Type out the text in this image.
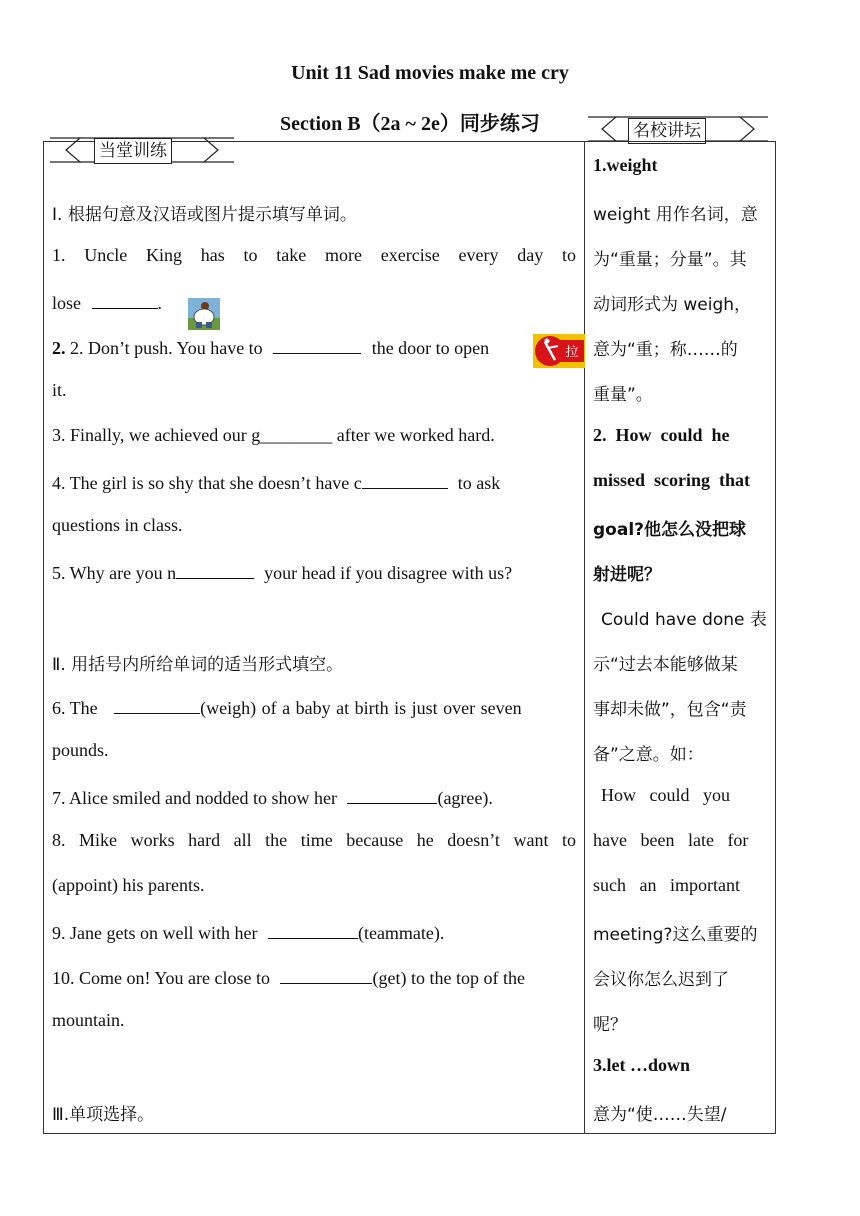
Unit 11 Sad movies make me cry
Section B（2a ~ 2e）同步练习	名校讲坛
当堂训练
Ⅰ. 根据句意及汉语或图片提示填写单词。
1. Uncle King has to take more exercise every day to
lose	.
2. 2. Don’t push. You have to	the door to open
it.
3. Finally, we achieved our g________ after we worked hard.
4. The girl is so shy that she doesn’t have c	to ask
questions in class.
5. Why are you n	your head if you disagree with us?
Ⅱ. 用括号内所给单词的适当形式填空。
6. The	(weigh) of a baby at birth is just over seven
pounds.
7. Alice smiled and nodded to show her	(agree).
8. Mike works hard all the time because he doesn’t want to
(appoint) his parents.
9. Jane gets on well with her	(teammate).
10. Come on! You are close to	(get) to the top of the
mountain.
Ⅲ.单项选择。
拉
1.weight
weight 用作名词，意
为“重量；分量”。其
动词形式为 weigh，
意为“重；称……的
重量”。
2.  How  could  he
missed  scoring  that
goal?他怎么没把球
射进呢？
Could have done 表
示“过去本能够做某
事却未做”，包含“责
备”之意。如：
How   could   you
have   been   late   for
such   an   important
meeting?这么重要的
会议你怎么迟到了
呢？
3.let …down
意为“使……失望/
